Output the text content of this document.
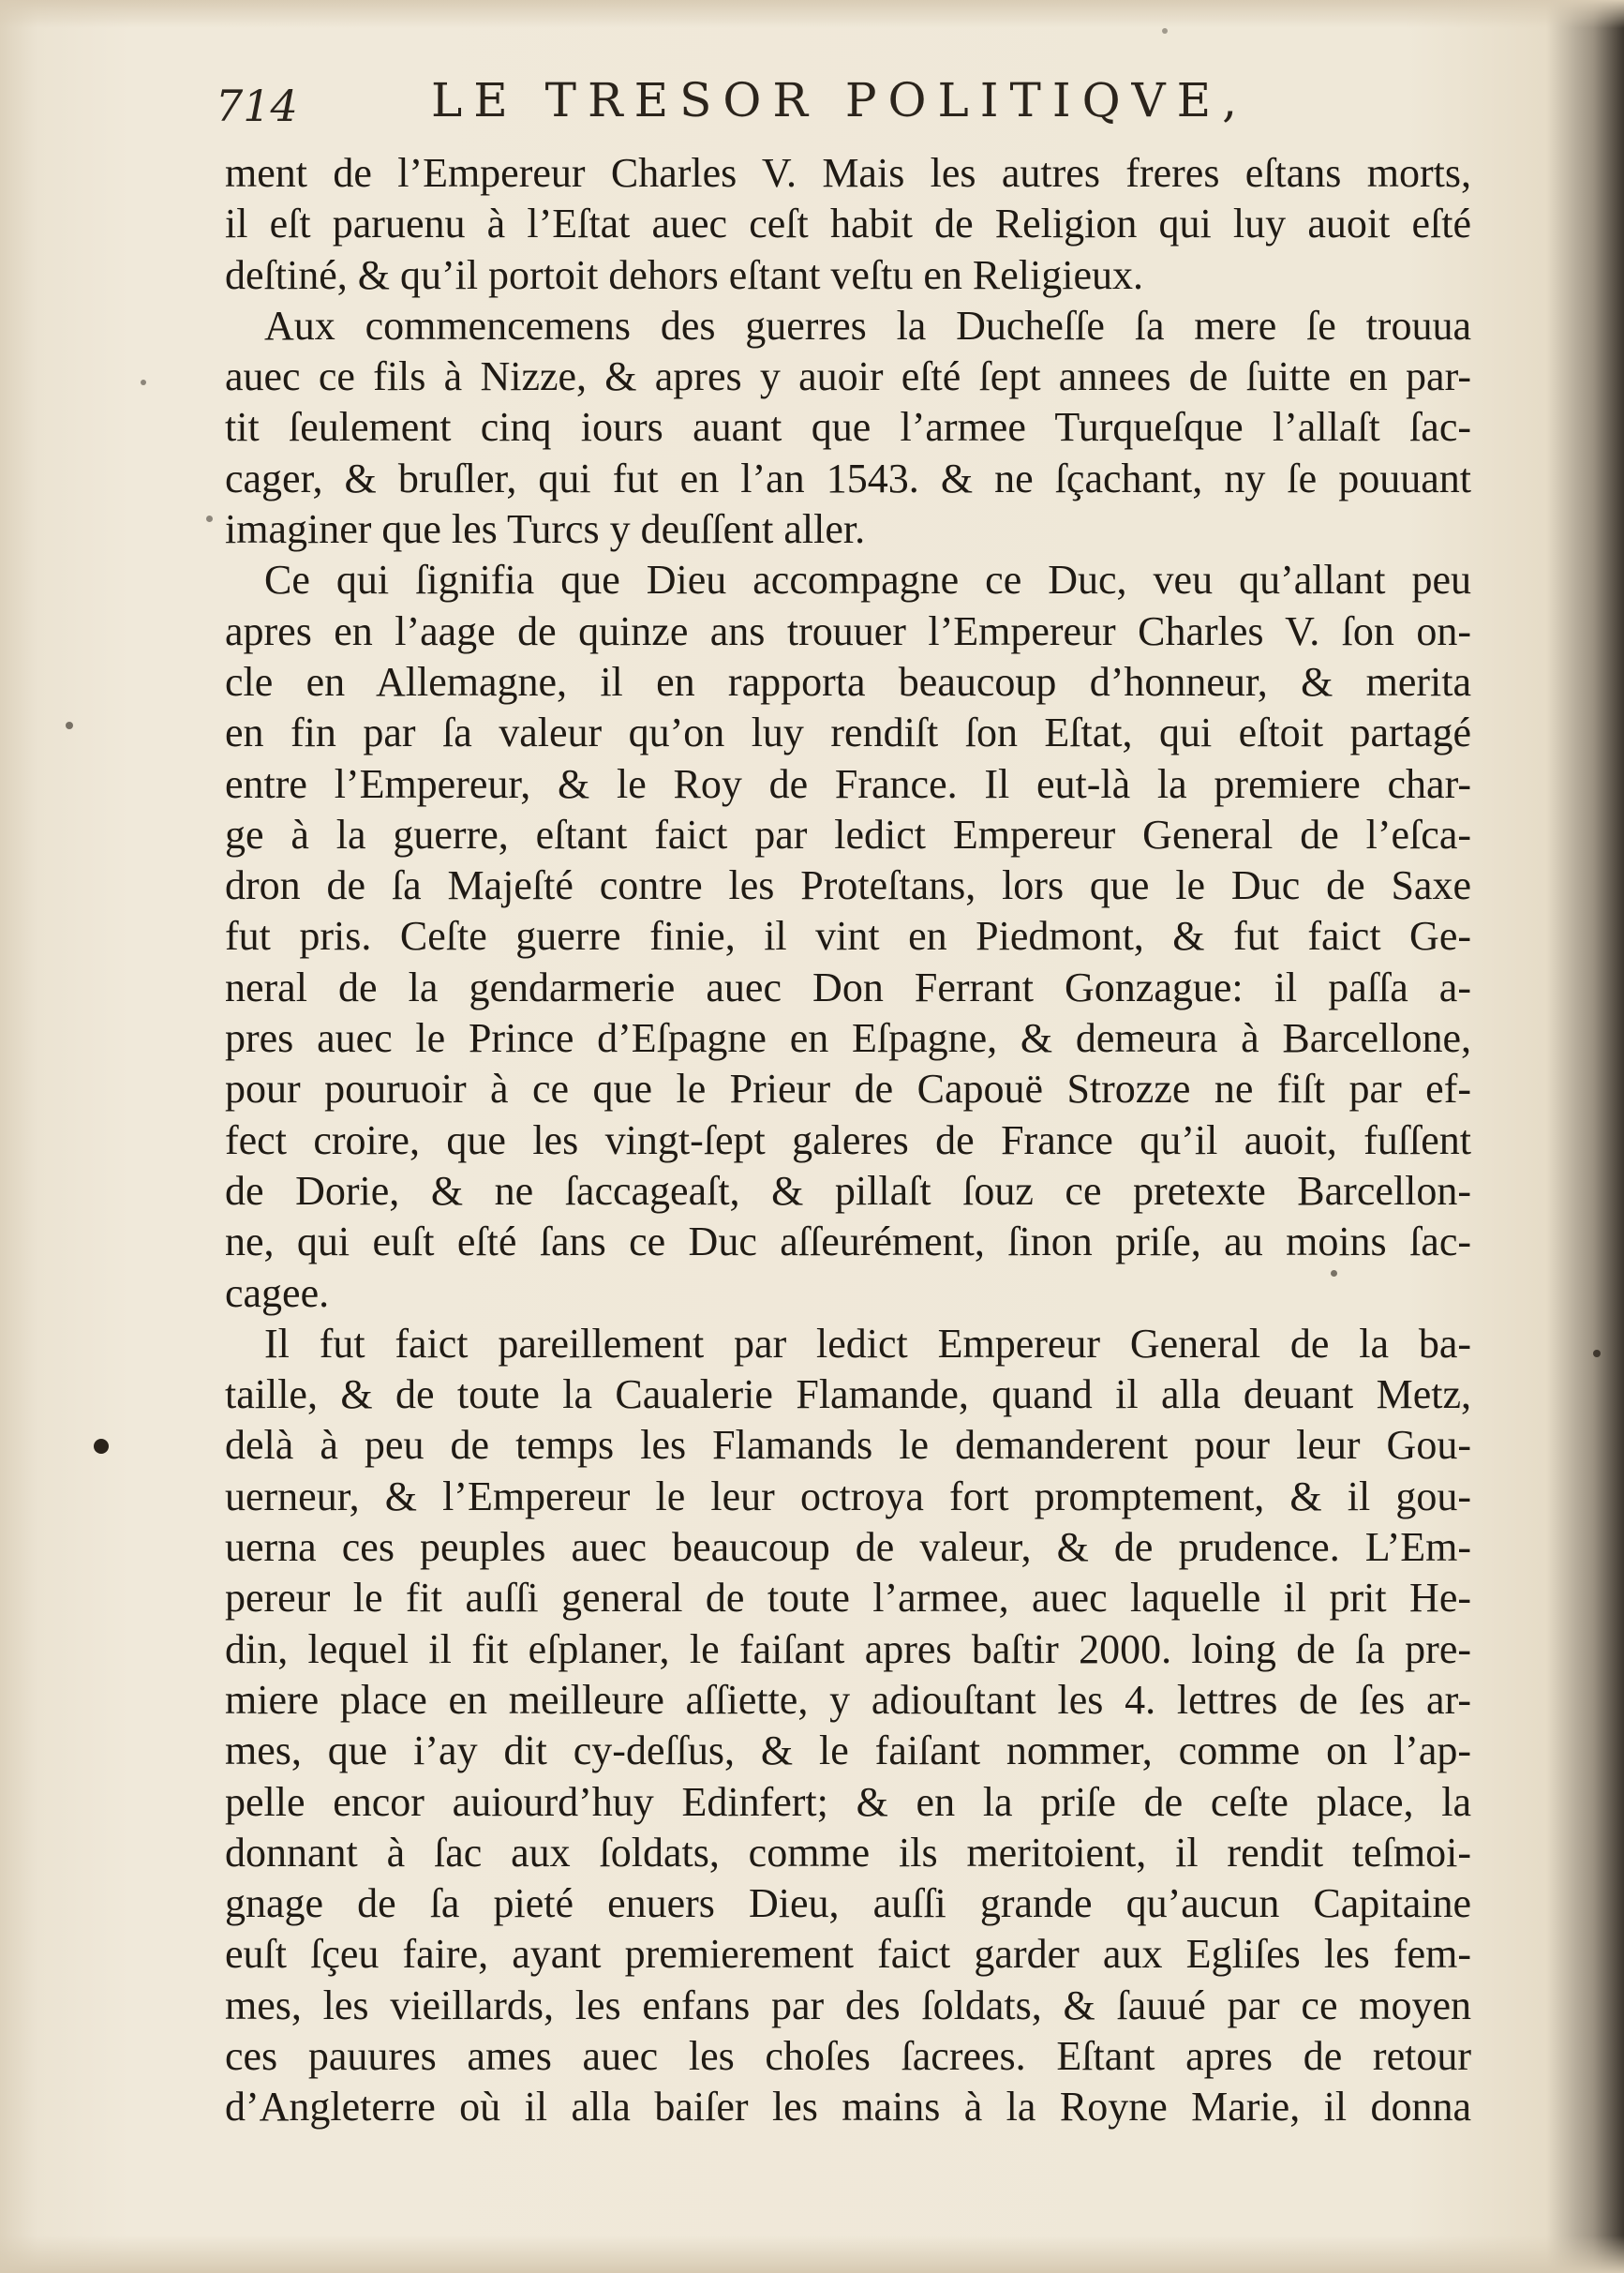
714	LE TRESOR POLITIQVE,
ment de l’Empereur Charles V. Mais les autres freres eſtans morts,
il eſt paruenu à l’Eſtat auec ceſt habit de Religion qui luy auoit eſté
deſtiné, & qu’il portoit dehors eſtant veſtu en Religieux.
Aux commencemens des guerres la Ducheſſe ſa mere ſe trouua
auec ce fils à Nizze, & apres y auoir eſté ſept annees de ſuitte en par-
tit ſeulement cinq iours auant que l’armee Turqueſque l’allaſt ſac-
cager, & bruſler, qui fut en l’an 1543. & ne ſçachant, ny ſe pouuant
imaginer que les Turcs y deuſſent aller.
Ce qui ſignifia que Dieu accompagne ce Duc, veu qu’allant peu
apres en l’aage de quinze ans trouuer l’Empereur Charles V. ſon on-
cle en Allemagne, il en rapporta beaucoup d’honneur, & merita
en fin par ſa valeur qu’on luy rendiſt ſon Eſtat, qui eſtoit partagé
entre l’Empereur, & le Roy de France. Il eut-là la premiere char-
ge à la guerre, eſtant faict par ledict Empereur General de l’eſca-
dron de ſa Majeſté contre les Proteſtans, lors que le Duc de Saxe
fut pris. Ceſte guerre finie, il vint en Piedmont, & fut faict Ge-
neral de la gendarmerie auec Don Ferrant Gonzague: il paſſa a-
pres auec le Prince d’Eſpagne en Eſpagne, & demeura à Barcellone,
pour pouruoir à ce que le Prieur de Capouë Strozze ne fiſt par ef-
fect croire, que les vingt-ſept galeres de France qu’il auoit, fuſſent
de Dorie, & ne ſaccageaſt, & pillaſt ſouz ce pretexte Barcellon-
ne, qui euſt eſté ſans ce Duc aſſeurément, ſinon priſe, au moins ſac-
cagee.
Il fut faict pareillement par ledict Empereur General de la ba-
taille, & de toute la Caualerie Flamande, quand il alla deuant Metz,
delà à peu de temps les Flamands le demanderent pour leur Gou-
uerneur, & l’Empereur le leur octroya fort promptement, & il gou-
uerna ces peuples auec beaucoup de valeur, & de prudence. L’Em-
pereur le fit auſſi general de toute l’armee, auec laquelle il prit He-
din, lequel il fit eſplaner, le faiſant apres baſtir 2000. loing de ſa pre-
miere place en meilleure aſſiette, y adiouſtant les 4. lettres de ſes ar-
mes, que i’ay dit cy-deſſus, & le faiſant nommer, comme on l’ap-
pelle encor auiourd’huy Edinfert; & en la priſe de ceſte place, la
donnant à ſac aux ſoldats, comme ils meritoient, il rendit teſmoi-
gnage de ſa pieté enuers Dieu, auſſi grande qu’aucun Capitaine
euſt ſçeu faire, ayant premierement faict garder aux Egliſes les fem-
mes, les vieillards, les enfans par des ſoldats, & ſauué par ce moyen
ces pauures ames auec les choſes ſacrees. Eſtant apres de retour
d’Angleterre où il alla baiſer les mains à la Royne Marie, il donna
